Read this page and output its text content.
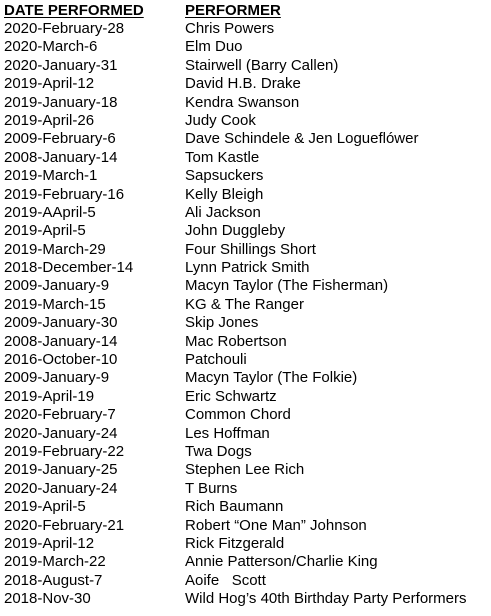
DATE PERFORMED	PERFORMER
2020-February-28	Chris Powers
2020-March-6	Elm Duo
2020-January-31	Stairwell (Barry Callen)
2019-April-12	David H.B. Drake
2019-January-18	Kendra Swanson
2019-April-26	Judy Cook
2009-February-6	Dave Schindele & Jen Logueflówer
2008-January-14	Tom Kastle
2019-March-1	Sapsuckers
2019-February-16	Kelly Bleigh
2019-AApril-5	Ali Jackson
2019-April-5	John Duggleby
2019-March-29	Four Shillings Short
2018-December-14	Lynn Patrick Smith
2009-January-9	Macyn Taylor (The Fisherman)
2019-March-15	KG & The Ranger
2009-January-30	Skip Jones
2008-January-14	Mac Robertson
2016-October-10	Patchouli
2009-January-9	Macyn Taylor (The Folkie)
2019-April-19	Eric Schwartz
2020-February-7	Common Chord
2020-January-24	Les Hoffman
2019-February-22	Twa Dogs
2019-January-25	Stephen Lee Rich
2020-January-24	T Burns
2019-April-5	Rich Baumann
2020-February-21	Robert “One Man” Johnson
2019-April-12	Rick Fitzgerald
2019-March-22	Annie Patterson/Charlie King
2018-August-7	Aoife   Scott
2018-Nov-30	Wild Hog’s 40th Birthday Party Performers
